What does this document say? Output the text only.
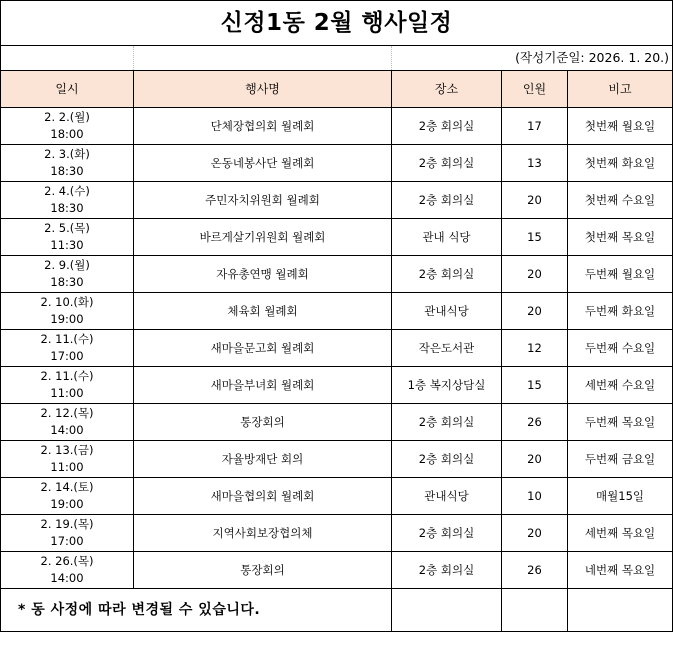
신정1동 2월 행사일정				
		(작성기준일: 2026. 1. 20.)		
일시	행사명	장소	인원	비고

2. 2.(월)
18:00	단체장협의회 월례회	2층 회의실	17	첫번째 월요일

2. 3.(화)
18:30	온동네봉사단 월례회	2층 회의실	13	첫번째 화요일

2. 4.(수)
18:30	주민자치위원회 월례회	2층 회의실	20	첫번째 수요일

2. 5.(목)
11:30	바르게살기위원회 월례회	관내 식당	15	첫번째 목요일

2. 9.(월)
18:30	자유총연맹 월례회	2층 회의실	20	두번째 월요일

2. 10.(화)
19:00	체육회 월례회	관내식당	20	두번째 화요일

2. 11.(수)
17:00	새마을문고회 월례회	작은도서관	12	두번째 수요일

2. 11.(수)
11:00	새마을부녀회 월례회	1층 복지상담실	15	세번째 수요일

2. 12.(목)
14:00	통장회의	2층 회의실	26	두번째 목요일

2. 13.(금)
11:00	자율방재단 회의	2층 회의실	20	두번째 금요일

2. 14.(토)
19:00	새마을협의회 월례회	관내식당	10	매월15일

2. 19.(목)
17:00	지역사회보장협의체	2층 회의실	20	세번째 목요일

2. 26.(목)
14:00	통장회의	2층 회의실	26	네번째 목요일
* 동 사정에 따라 변경될 수 있습니다.				
